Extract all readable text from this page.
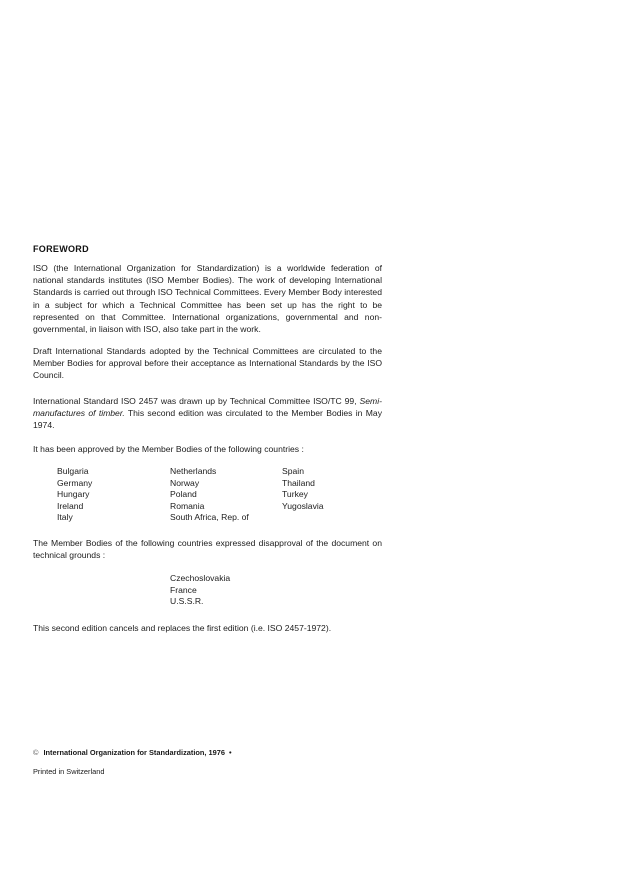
FOREWORD
ISO (the International Organization for Standardization) is a worldwide federation of national standards institutes (ISO Member Bodies). The work of developing International Standards is carried out through ISO Technical Committees. Every Member Body interested in a subject for which a Technical Committee has been set up has the right to be represented on that Committee. International organizations, governmental and non-governmental, in liaison with ISO, also take part in the work.
Draft International Standards adopted by the Technical Committees are circulated to the Member Bodies for approval before their acceptance as International Standards by the ISO Council.
International Standard ISO 2457 was drawn up by Technical Committee ISO/TC 99, Semi-manufactures of timber. This second edition was circulated to the Member Bodies in May 1974.
It has been approved by the Member Bodies of the following countries :
Bulgaria
Germany
Hungary
Ireland
Italy
Netherlands
Norway
Poland
Romania
South Africa, Rep. of
Spain
Thailand
Turkey
Yugoslavia
The Member Bodies of the following countries expressed disapproval of the document on technical grounds :
Czechoslovakia
France
U.S.S.R.
This second edition cancels and replaces the first edition (i.e. ISO 2457-1972).
© International Organization for Standardization, 1976 •
Printed in Switzerland
